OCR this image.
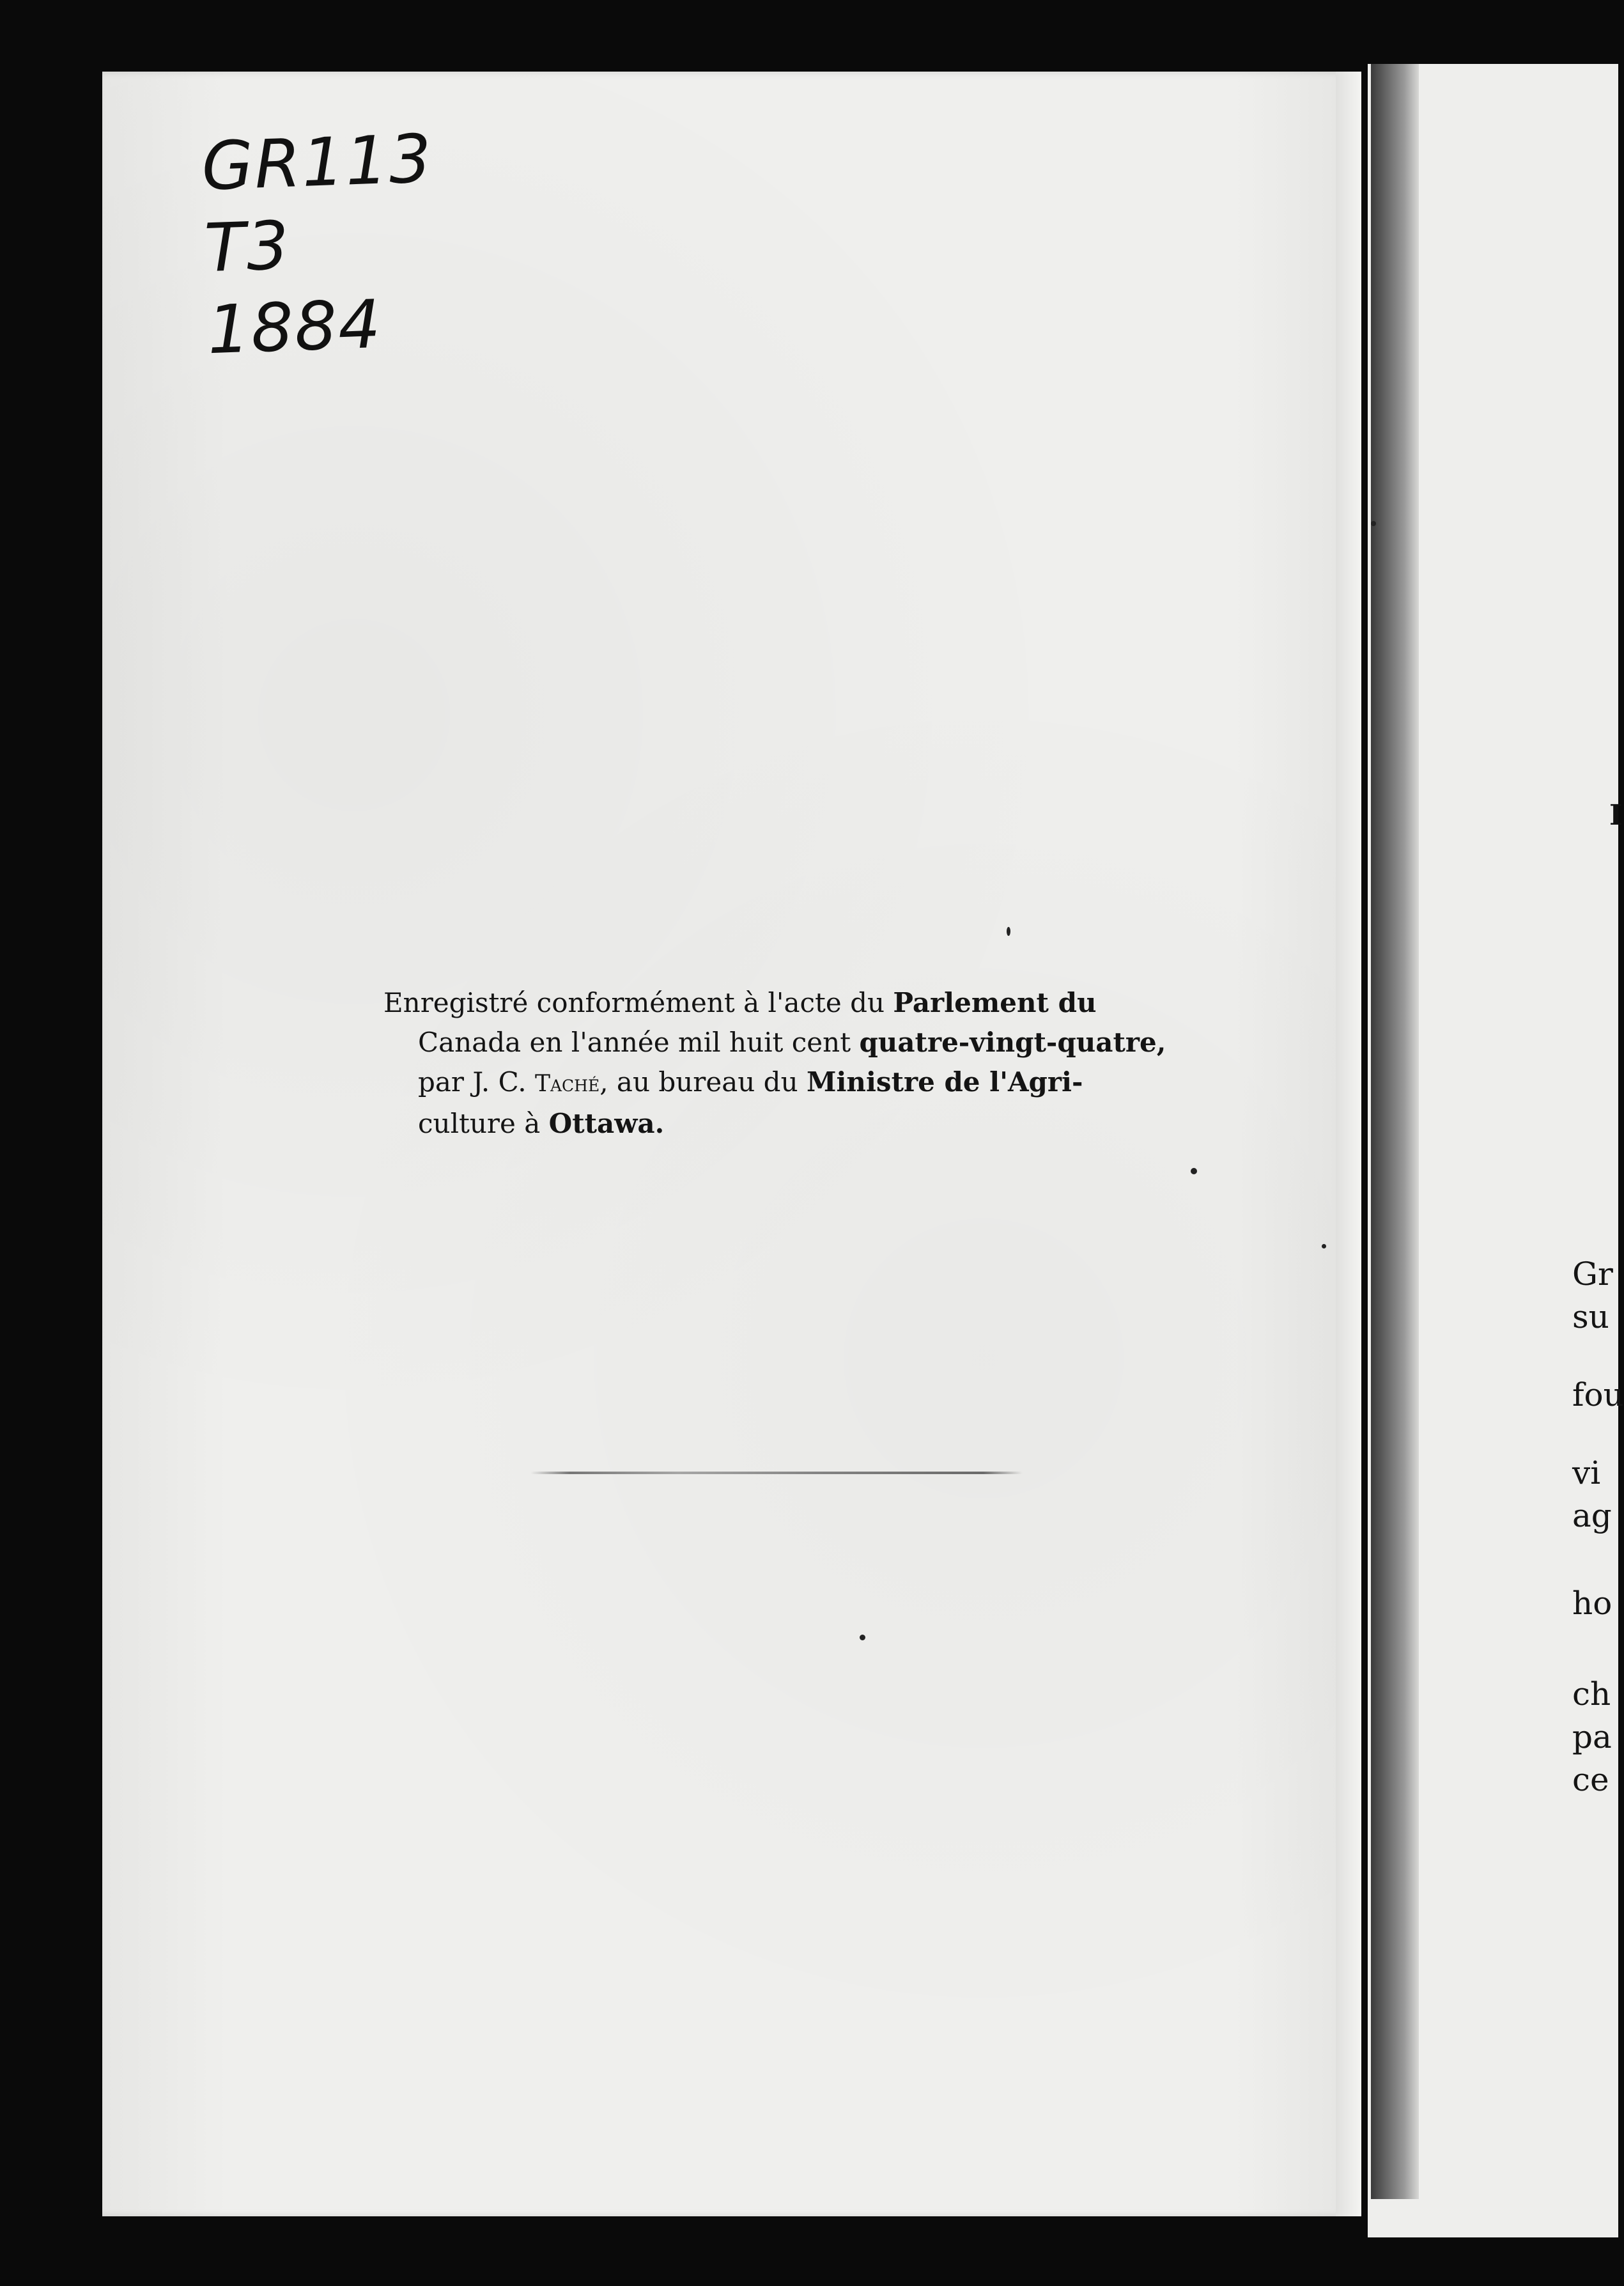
GR113
T3
1884
Enregistré conformément à l'acte du Parlement du
Canada en l'année mil huit cent quatre-vingt-quatre,
par J. C. Taché, au bureau du Ministre de l'Agri-
culture à Ottawa.
I
Gr
su
fou
vi
ag
ho
ch
pa
ce
